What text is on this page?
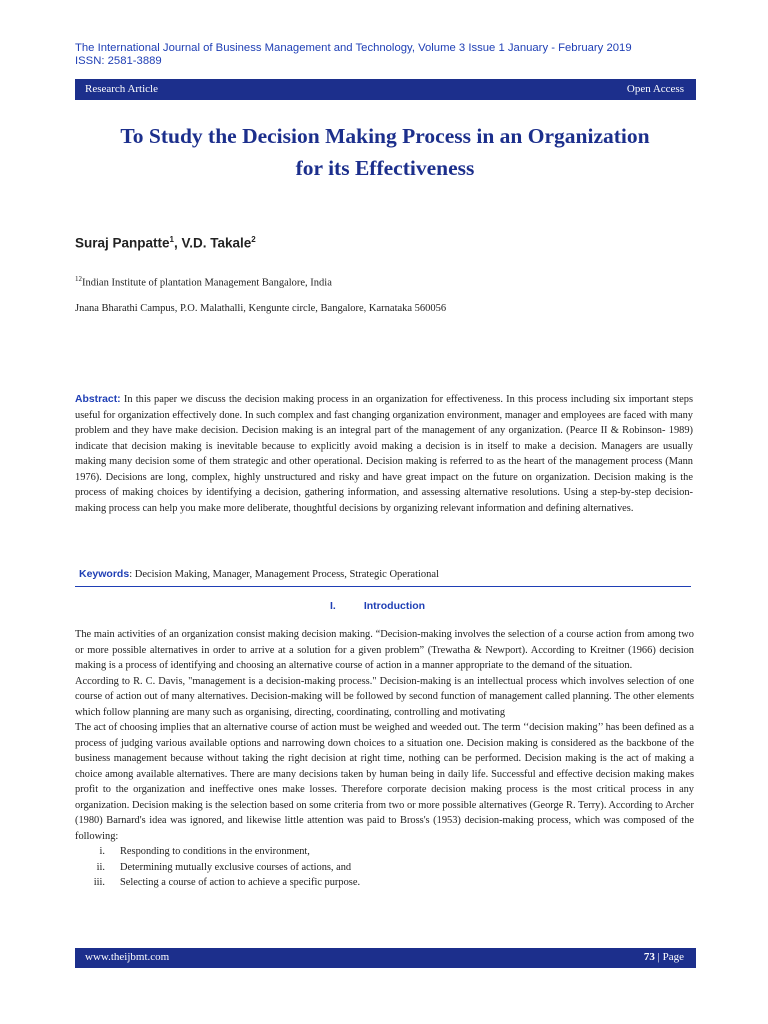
The International Journal of Business Management and Technology, Volume 3 Issue 1 January - February 2019
ISSN: 2581-3889
Research Article	Open Access
To Study the Decision Making Process in an Organization
for its Effectiveness
Suraj Panpatte$^1$, V.D. Takale$^2$
$^{12}$Indian Institute of plantation Management Bangalore, India
Jnana Bharathi Campus, P.O. Malathalli, Kengunte circle, Bangalore, Karnataka 560056

Abstract: In this paper we discuss the decision making process in an organization for effectiveness. In this process including six important steps useful for organization effectively done. In such complex and fast changing organization environment, manager and employees are faced with many problem and they have make decision. Decision making is an integral part of the management of any organization. (Pearce II & Robinson- 1989) indicate that decision making is inevitable because to explicitly avoid making a decision is in itself to make a decision. Managers are usually making many decision some of them strategic and other operational. Decision making is referred to as the heart of the management process (Mann 1976). Decisions are long, complex, highly unstructured and risky and have great impact on the future on organization. Decision making is the process of making choices by identifying a decision, gathering information, and assessing alternative resolutions. Using a step-by-step decision-making process can help you make more deliberate, thoughtful decisions by organizing relevant information and defining alternatives.

Keywords: Decision Making, Manager, Management Process, Strategic Operational
I.	Introduction

The main activities of an organization consist making decision making. “Decision-making involves the selection of a course action from among two or more possible alternatives in order to arrive at a solution for a given problem” (Trewatha & Newport). According to Kreitner (1966) decision making is a process of identifying and choosing an alternative course of action in a manner appropriate to the demand of the situation.

According to R. C. Davis, "management is a decision-making process." Decision-making is an intellectual process which involves selection of one course of action out of many alternatives. Decision-making will be followed by second function of management called planning. The other elements which follow planning are many such as organising, directing, coordinating, controlling and motivating

The act of choosing implies that an alternative course of action must be weighed and weeded out. The term ‘‘decision making’’ has been defined as a process of judging various available options and narrowing down choices to a situation one. Decision making is considered as the backbone of the business management because without taking the right decision at right time, nothing can be performed. Decision making is the act of making a choice among available alternatives. There are many decisions taken by human being in daily life. Successful and effective decision making makes profit to the organization and ineffective ones make losses. Therefore corporate decision making process is the most critical process in any organization. Decision making is the selection based on some criteria from two or more possible alternatives (George R. Terry). According to Archer (1980) Barnard's idea was ignored, and likewise little attention was paid to Bross's (1953) decision-making process, which was composed of the following:

i. Responding to conditions in the environment,
ii. Determining mutually exclusive courses of actions, and
iii. Selecting a course of action to achieve a specific purpose.
www.theijbmt.com	73 | Page
